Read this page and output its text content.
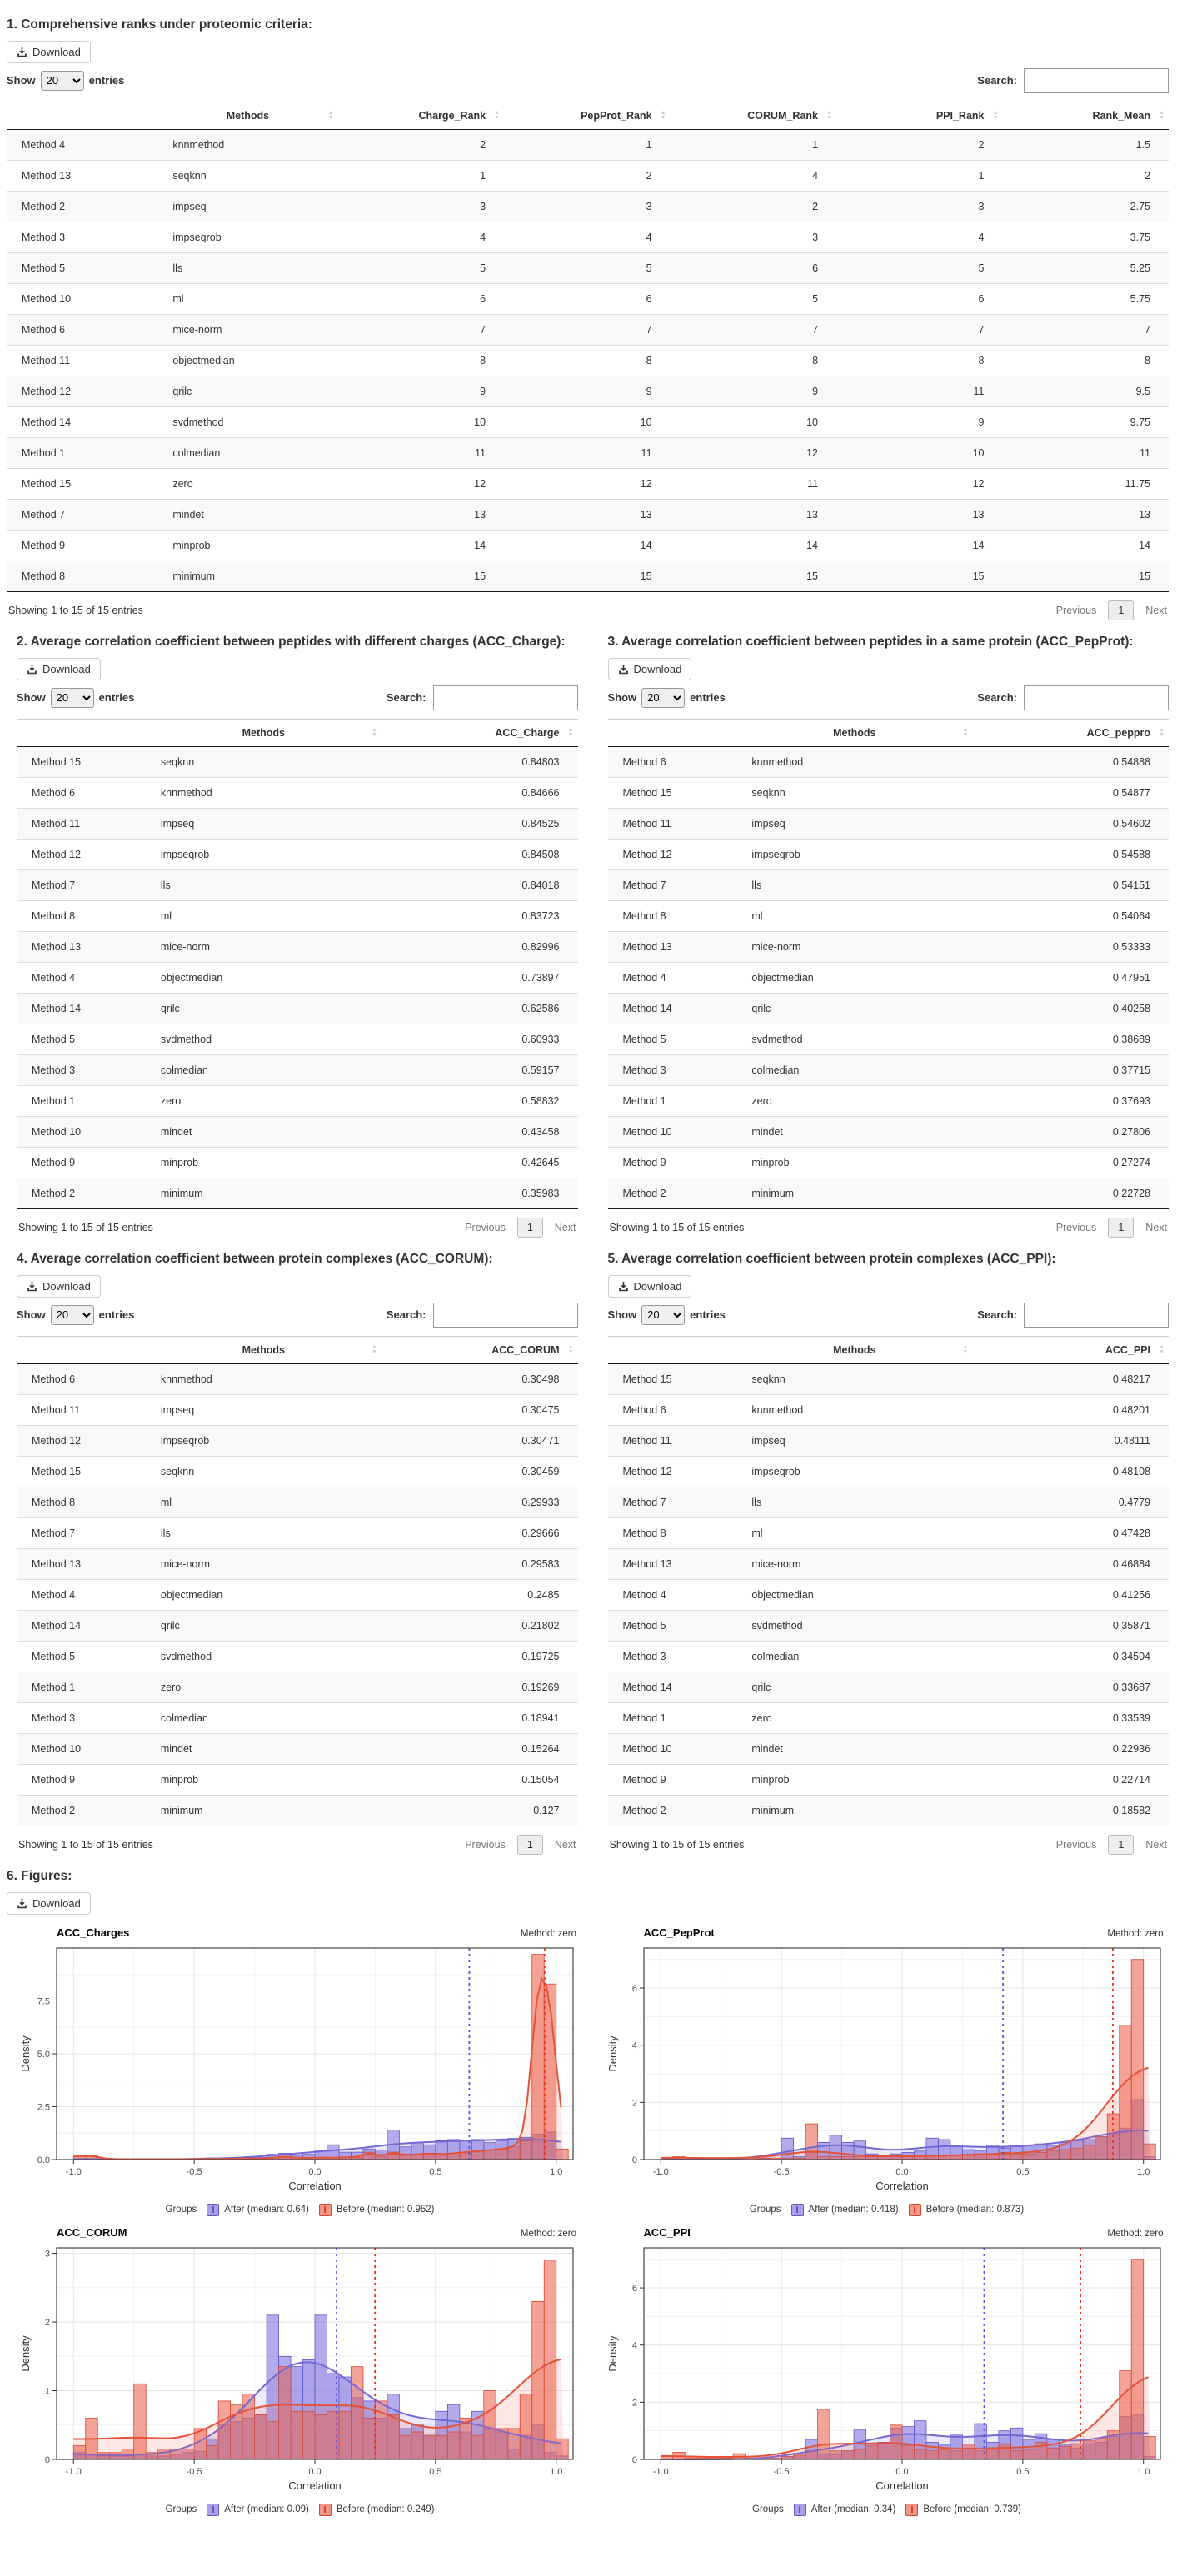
1. Comprehensive ranks under proteomic criteria:
Download
Show
20	entries	Search:
	Methods ▲
▼	Charge_Rank ▲
▼	PepProt_Rank ▲
▼	CORUM_Rank ▲
▼	PPI_Rank ▲
▼	Rank_Mean ▲
▼

Method 4	knnmethod	2	1	1	2	1.5
Method 13	seqknn	1	2	4	1	2
Method 2	impseq	3	3	2	3	2.75
Method 3	impseqrob	4	4	3	4	3.75
Method 5	lls	5	5	6	5	5.25
Method 10	ml	6	6	5	6	5.75
Method 6	mice-norm	7	7	7	7	7
Method 11	objectmedian	8	8	8	8	8
Method 12	qrilc	9	9	9	11	9.5
Method 14	svdmethod	10	10	10	9	9.75
Method 1	colmedian	11	11	12	10	11
Method 15	zero	12	12	11	12	11.75
Method 7	mindet	13	13	13	13	13
Method 9	minprob	14	14	14	14	14
Method 8	minimum	15	15	15	15	15
Showing 1 to 15 of 15 entries	Previous	1	Next
2. Average correlation coefficient between peptides with different charges (ACC_Charge):
Download
Show
20	entries	Search:
	Methods ▲
▼	ACC_Charge ▲
▼

Method 15	seqknn	0.84803
Method 6	knnmethod	0.84666
Method 11	impseq	0.84525
Method 12	impseqrob	0.84508
Method 7	lls	0.84018
Method 8	ml	0.83723
Method 13	mice-norm	0.82996
Method 4	objectmedian	0.73897
Method 14	qrilc	0.62586
Method 5	svdmethod	0.60933
Method 3	colmedian	0.59157
Method 1	zero	0.58832
Method 10	mindet	0.43458
Method 9	minprob	0.42645
Method 2	minimum	0.35983
Showing 1 to 15 of 15 entries	Previous	1	Next
3. Average correlation coefficient between peptides in a same protein (ACC_PepProt):
Download
Show
20	entries	Search:
	Methods ▲
▼	ACC_peppro ▲
▼

Method 6	knnmethod	0.54888
Method 15	seqknn	0.54877
Method 11	impseq	0.54602
Method 12	impseqrob	0.54588
Method 7	lls	0.54151
Method 8	ml	0.54064
Method 13	mice-norm	0.53333
Method 4	objectmedian	0.47951
Method 14	qrilc	0.40258
Method 5	svdmethod	0.38689
Method 3	colmedian	0.37715
Method 1	zero	0.37693
Method 10	mindet	0.27806
Method 9	minprob	0.27274
Method 2	minimum	0.22728
Showing 1 to 15 of 15 entries	Previous	1	Next
4. Average correlation coefficient between protein complexes (ACC_CORUM):
Download
Show
20	entries	Search:
	Methods ▲
▼	ACC_CORUM ▲
▼

Method 6	knnmethod	0.30498
Method 11	impseq	0.30475
Method 12	impseqrob	0.30471
Method 15	seqknn	0.30459
Method 8	ml	0.29933
Method 7	lls	0.29666
Method 13	mice-norm	0.29583
Method 4	objectmedian	0.2485
Method 14	qrilc	0.21802
Method 5	svdmethod	0.19725
Method 1	zero	0.19269
Method 3	colmedian	0.18941
Method 10	mindet	0.15264
Method 9	minprob	0.15054
Method 2	minimum	0.127
Showing 1 to 15 of 15 entries	Previous	1	Next
5. Average correlation coefficient between protein complexes (ACC_PPI):
Download
Show
20	entries	Search:
	Methods ▲
▼	ACC_PPI ▲
▼

Method 15	seqknn	0.48217
Method 6	knnmethod	0.48201
Method 11	impseq	0.48111
Method 12	impseqrob	0.48108
Method 7	lls	0.4779
Method 8	ml	0.47428
Method 13	mice-norm	0.46884
Method 4	objectmedian	0.41256
Method 5	svdmethod	0.35871
Method 3	colmedian	0.34504
Method 14	qrilc	0.33687
Method 1	zero	0.33539
Method 10	mindet	0.22936
Method 9	minprob	0.22714
Method 2	minimum	0.18582
Showing 1 to 15 of 15 entries	Previous	1	Next
6. Figures:
Download
ACC_Charges	Method: zero
-1.0	-0.5	0.0	0.5	1.0
0.0
2.5
5.0
7.5
Correlation
Density
Groups	After (median: 0.64)	Before (median: 0.952)
ACC_PepProt	Method: zero
-1.0	-0.5	0.0	0.5	1.0
0
2
4
6
Correlation
Density
Groups	After (median: 0.418)	Before (median: 0.873)
ACC_CORUM	Method: zero
-1.0	-0.5	0.0	0.5	1.0
0
1
2
3
Correlation
Density
Groups	After (median: 0.09)	Before (median: 0.249)
ACC_PPI	Method: zero
-1.0	-0.5	0.0	0.5	1.0
0
2
4
6
Correlation
Density
Groups	After (median: 0.34)	Before (median: 0.739)
